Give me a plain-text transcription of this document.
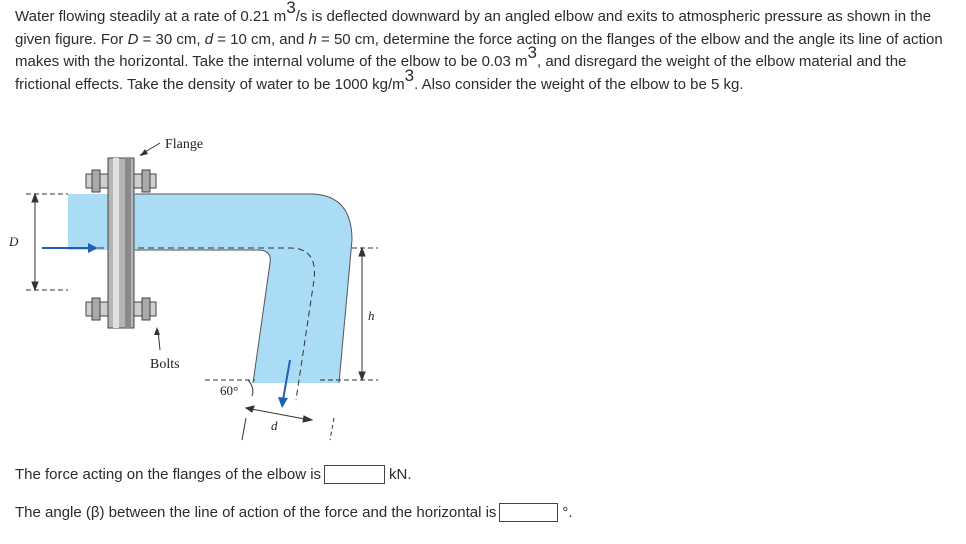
Water flowing steadily at a rate of 0.21 $m^3/s$ is deflected downward by an angled elbow and exits to atmospheric pressure as shown in the given figure. For D = 30 cm, d = 10 cm, and h = 50 cm, determine the force acting on the flanges of the elbow and the angle its line of action makes with the horizontal. Take the internal volume of the elbow to be 0.03 $m^3$, and disregard the weight of the elbow material and the frictional effects. Take the density of water to be 1000 $kg/m^3$. Also consider the weight of the elbow to be 5 kg.
Flange
D
Bolts
h
60°
d
The force acting on the flanges of the elbow is	kN.
The angle (β) between the line of action of the force and the horizontal is	°.
